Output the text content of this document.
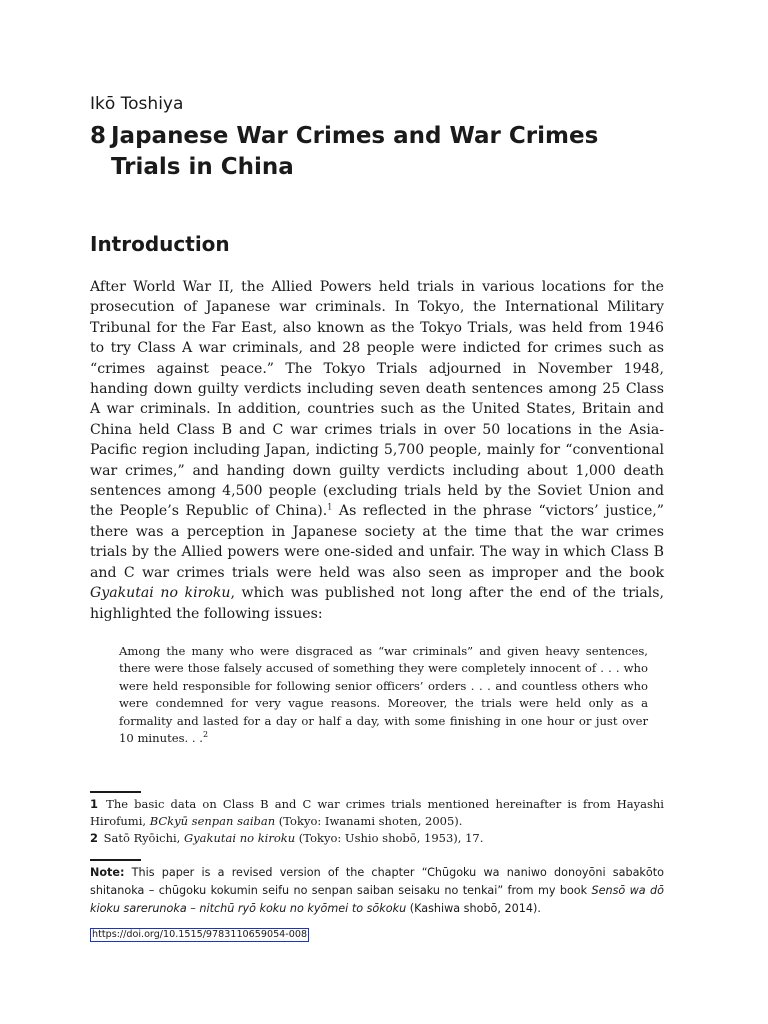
Ikō Toshiya

8 Japanese War Crimes and War Crimes Trials in China
Introduction

After World War II, the Allied Powers held trials in various locations for the prosecution of Japanese war criminals. In Tokyo, the International Military Tribunal for the Far East, also known as the Tokyo Trials, was held from 1946 to try Class A war criminals, and 28 people were indicted for crimes such as “crimes against peace.” The Tokyo Trials adjourned in November 1948, handing down guilty verdicts including seven death sentences among 25 Class A war criminals. In addition, countries such as the United States, Britain and China held Class B and C war crimes trials in over 50 locations in the Asia-Pacific region including Japan, indicting 5,700 people, mainly for “conventional war crimes,” and handing down guilty verdicts including about 1,000 death sentences among 4,500 people (excluding trials held by the Soviet Union and the People’s Republic of China).$^1$ As reflected in the phrase “victors’ justice,” there was a perception in Japanese society at the time that the war crimes trials by the Allied powers were one-sided and unfair. The way in which Class B and C war crimes trials were held was also seen as improper and the book Gyakutai no kiroku, which was published not long after the end of the trials, highlighted the following issues:

Among the many who were disgraced as “war criminals” and given heavy sentences, there were those falsely accused of something they were completely innocent of . . . who were held responsible for following senior officers’ orders . . . and countless others who were condemned for very vague reasons. Moreover, the trials were held only as a formality and lasted for a day or half a day, with some finishing in one hour or just over 10 minutes. . .$^2$

1 The basic data on Class B and C war crimes trials mentioned hereinafter is from Hayashi Hirofumi, BCkyū senpan saiban (Tokyo: Iwanami shoten, 2005).

2 Satō Ryōichi, Gyakutai no kiroku (Tokyo: Ushio shobō, 1953), 17.

Note: This paper is a revised version of the chapter “Chūgoku wa naniwo donoyōni sabakōto shitanoka – chūgoku kokumin seifu no senpan saiban seisaku no tenkai” from my book Sensō wa dō kioku sarerunoka – nitchū ryō koku no kyōmei to sōkoku (Kashiwa shobō, 2014).

https://doi.org/10.1515/9783110659054-008
